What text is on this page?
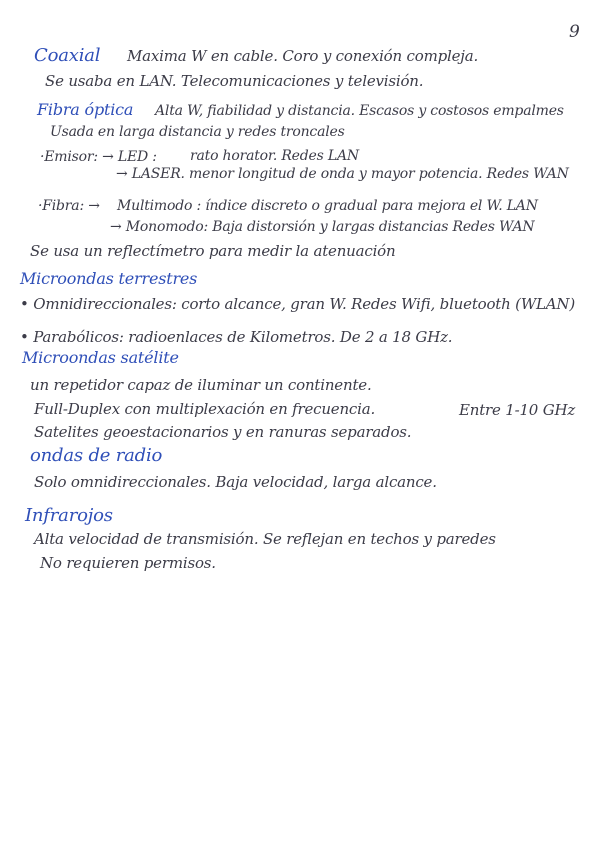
9
Coaxial Maxima W en cable. Coro y conexión compleja.
Se usaba en LAN. Telecomunicaciones y televisión.
Fibra óptica Alta W, fiabilidad y distancia. Escasos y costosos empalmes
Usada en larga distancia y redes troncales
·Emisor: → LED : rato horator. Redes LAN
→ LASER. menor longitud de onda y mayor potencia. Redes WAN
·Fibra: → Multimodo : índice discreto o gradual para mejora el W. LAN
→ Monomodo: Baja distorsión y largas distancias Redes WAN
Se usa un reflectímetro para medir la atenuación
Microondas terrestres
• Omnidireccionales: corto alcance, gran W. Redes Wifi, bluetooth (WLAN)
• Parabólicos: radioenlaces de Kilometros. De 2 a 18 GHz.
Microondas satélite
un repetidor capaz de iluminar un continente.
Full-Duplex con multiplexación en frecuencia.	Entre 1-10 GHz
Satelites geoestacionarios y en ranuras separados.
ondas de radio
Solo omnidireccionales. Baja velocidad, larga alcance.
Infrarojos
Alta velocidad de transmisión. Se reflejan en techos y paredes
No requieren permisos.
